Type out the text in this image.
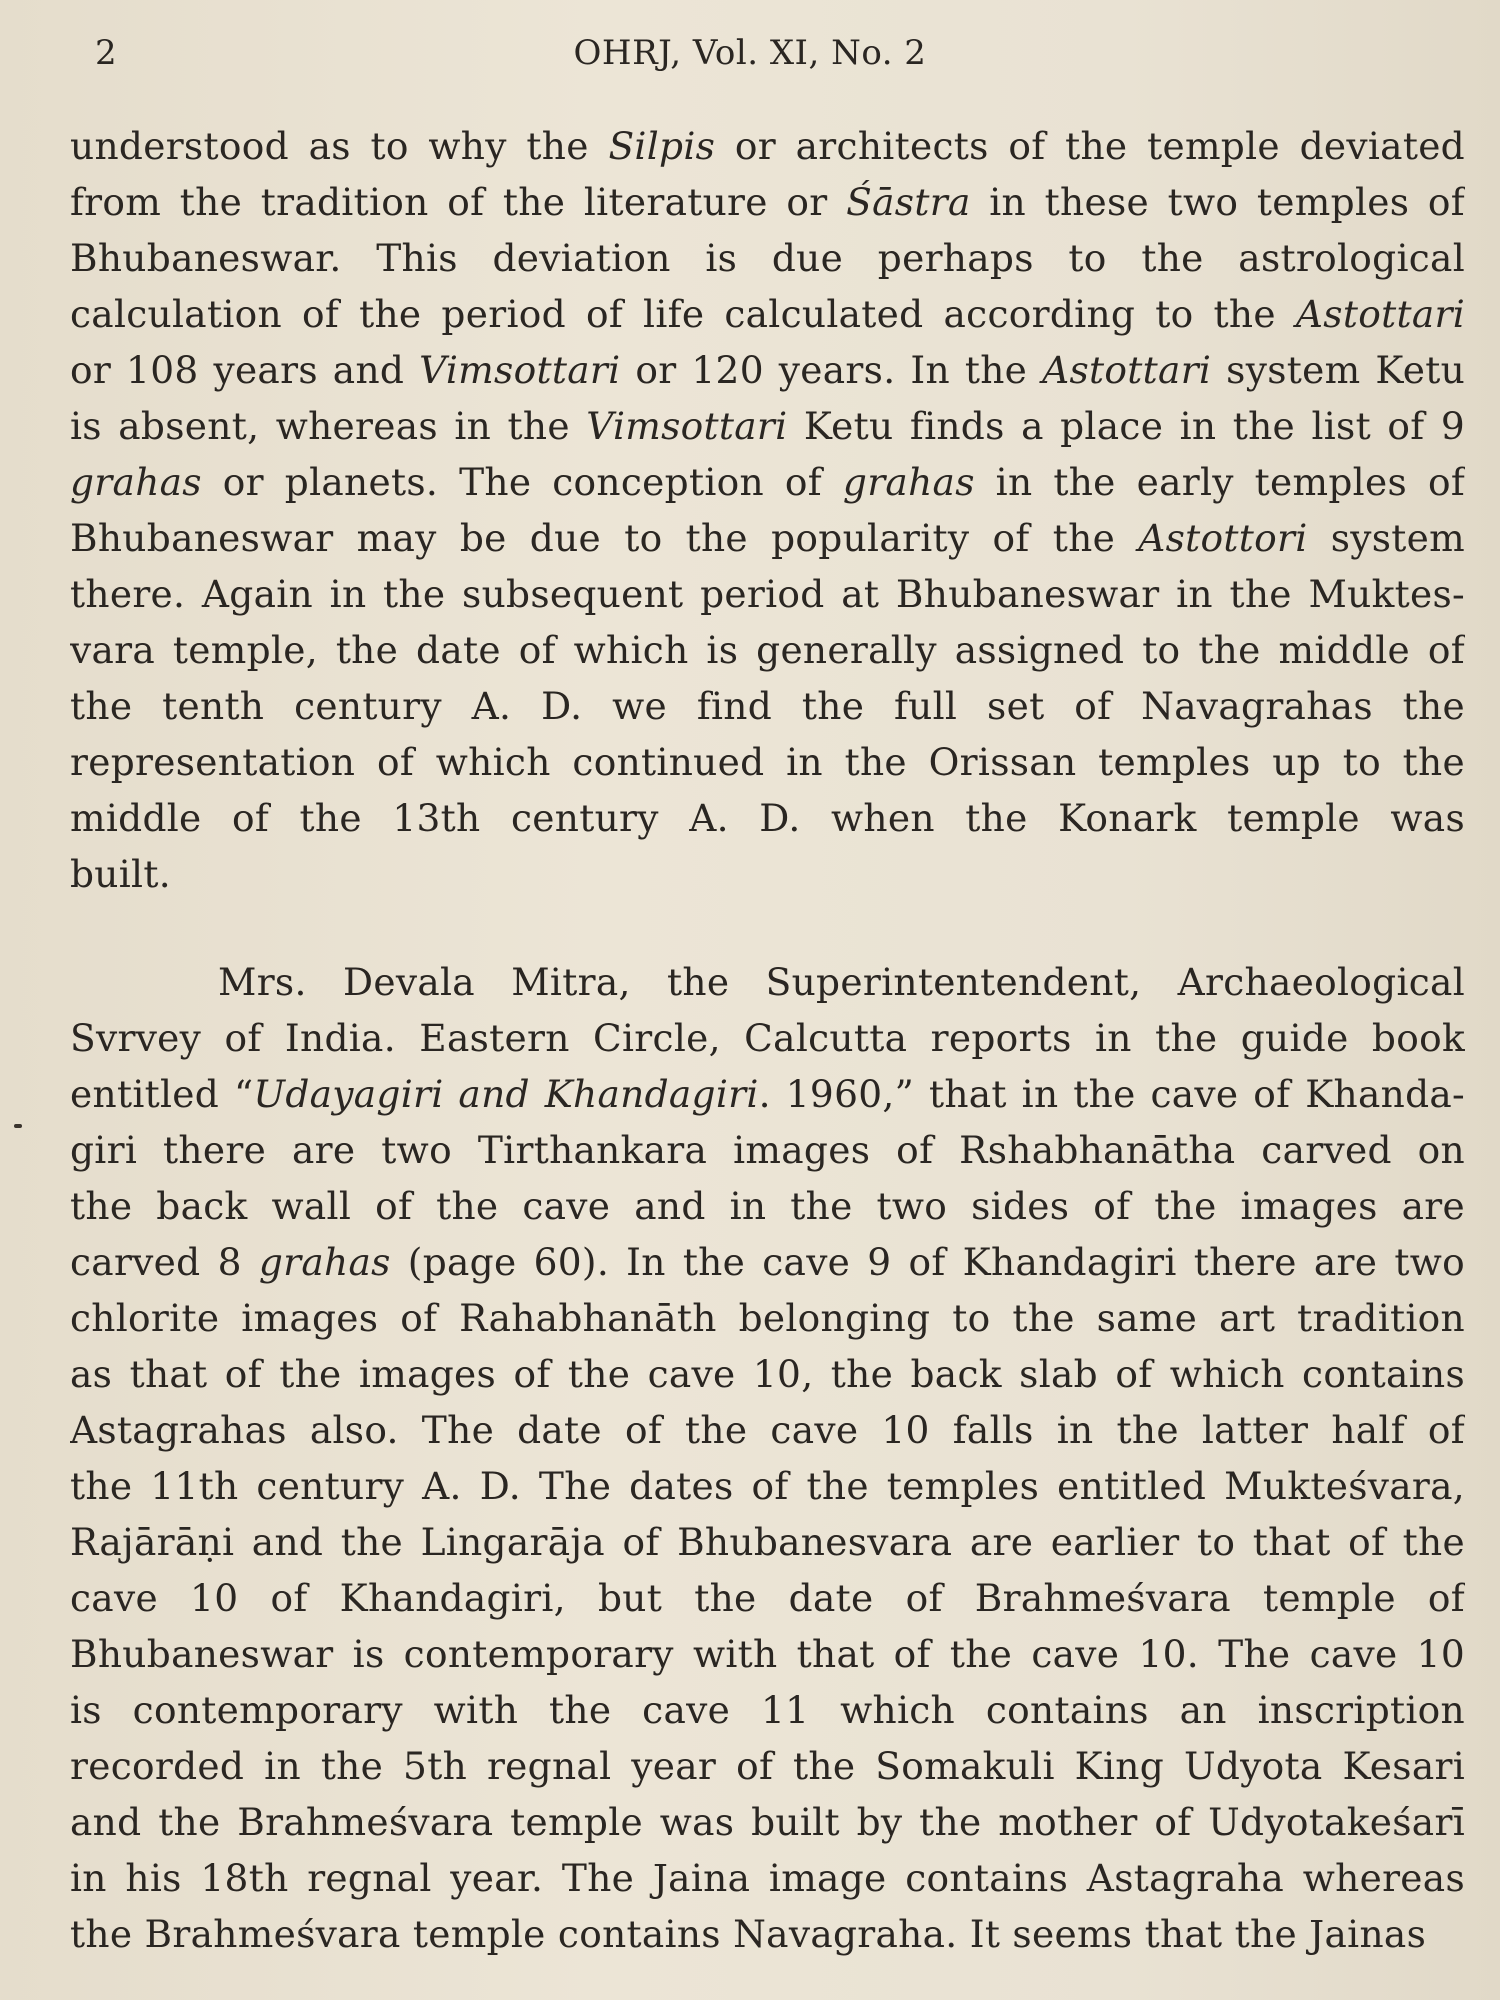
2	OHRJ, Vol. XI, No. 2

understood as to why the Silpis or architects of the temple deviated
from the tradition of the literature or Śāstra in these two temples of
Bhubaneswar. This deviation is due perhaps to the astrological
calculation of the period of life calculated according to the Astottari
or 108 years and Vimsottari or 120 years. In the Astottari system Ketu
is absent, whereas in the Vimsottari Ketu finds a place in the list of 9
grahas or planets. The conception of grahas in the early temples of
Bhubaneswar may be due to the popularity of the Astottori system
there. Again in the subsequent period at Bhubaneswar in the Muktes-
vara temple, the date of which is generally assigned to the middle of
the tenth century A. D. we find the full set of Navagrahas the
representation of which continued in the Orissan temples up to the
middle of the 13th century A. D. when the Konark temple was
built.

Mrs. Devala Mitra, the Superintentendent, Archaeological
Svrvey of India. Eastern Circle, Calcutta reports in the guide book
entitled “Udayagiri and Khandagiri. 1960,” that in the cave of Khanda-
giri there are two Tirthankara images of Rshabhanātha carved on
the back wall of the cave and in the two sides of the images are
carved 8 grahas (page 60). In the cave 9 of Khandagiri there are two
chlorite images of Rahabhanāth belonging to the same art tradition
as that of the images of the cave 10, the back slab of which contains
Astagrahas also. The date of the cave 10 falls in the latter half of
the 11th century A. D. The dates of the temples entitled Mukteśvara,
Rajārāṇi and the Lingarāja of Bhubanesvara are earlier to that of the
cave 10 of Khandagiri, but the date of Brahmeśvara temple of
Bhubaneswar is contemporary with that of the cave 10. The cave 10
is contemporary with the cave 11 which contains an inscription
recorded in the 5th regnal year of the Somakuli King Udyota Kesari
and the Brahmeśvara temple was built by the mother of Udyotakeśarī
in his 18th regnal year. The Jaina image contains Astagraha whereas
the Brahmeśvara temple contains Navagraha. It seems that the Jainas
